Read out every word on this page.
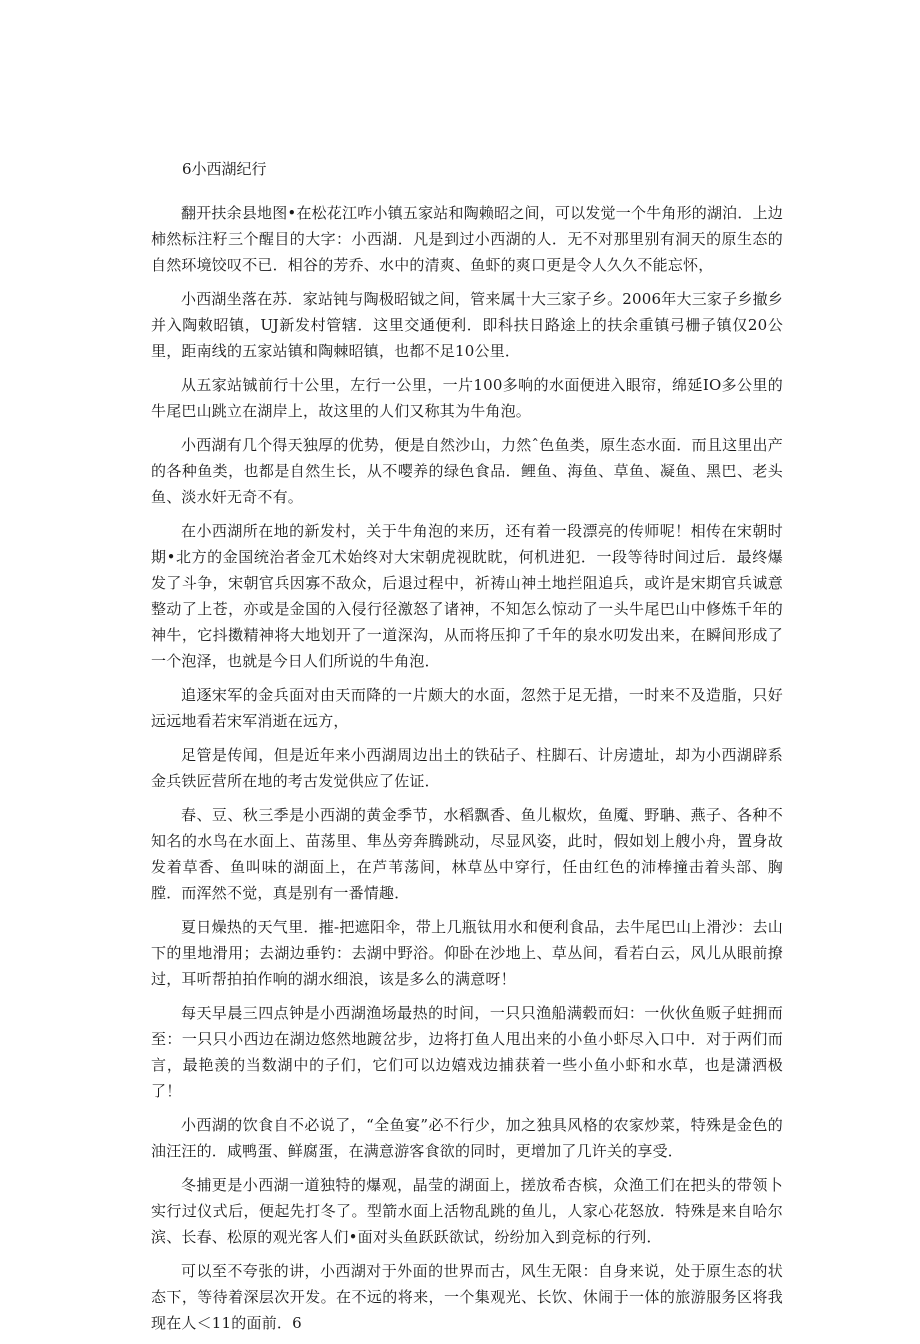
6小西湖纪行

翻开扶余县地图•在松花江咋小镇五家站和陶赖昭之间，可以发觉一个牛角形的湖泊．上边柿然标注籽三个醒目的大字：小西湖．凡是到过小西湖的人．无不对那里别有洞天的原生态的自然环境饺叹不已．相谷的芳乔、水中的清爽、鱼虾的爽口更是令人久久不能忘怀，

小西湖坐落在苏．家站钝与陶极昭钺之间，管来属十大三家子乡。2006年大三家子乡撤乡并入陶敕昭镇，UJ新发村管辖．这里交通便利．即科扶日路途上的扶余重镇弓栅子镇仅20公里，距南线的五家站镇和陶棘昭镇，也都不足10公里．

从五家站铖前行十公里，左行一公里，一片100多响的水面便进入眼帘，绵延IO多公里的牛尾巴山跳立在湖岸上，故这里的人们又称其为牛角泡。

小西湖有几个得天独厚的优势，便是自然沙山，力然ˆ色鱼类，原生态水面．而且这里出产的各种鱼类，也都是自然生长，从不嘤养的绿色食品．鲤鱼、海鱼、草鱼、凝鱼、黑巴、老头鱼、淡水奸无奇不有。

在小西湖所在地的新发村，关于牛角泡的来历，还有着一段漂亮的传师呢！相传在宋朝时期•北方的金国统治者金兀术始终对大宋朝虎视眈眈，何机进犯．一段等待时间过后．最终爆发了斗争，宋朝官兵因寡不敌众，后退过程中，祈祷山神土地拦阻追兵，或许是宋期官兵诚意整动了上苍，亦或是金国的入侵行径激怒了诸神，不知怎么惊动了一头牛尾巴山中修炼千年的神牛，它抖擞精神将大地划开了一道深沟，从而将压抑了千年的泉水叨发出来，在瞬间形成了一个泡泽，也就是今日人们所说的牛角泡．

追逐宋军的金兵面对由天而降的一片颇大的水面，忽然于足无措，一时来不及造脂，只好远远地看若宋军消逝在远方，

足管是传闻，但是近年来小西湖周边出土的铁砧子、柱脚石、计房遗址，却为小西湖辟系金兵铁匠营所在地的考古发觉供应了佐证．

春、豆、秋三季是小西湖的黄金季节，水稻飘香、鱼儿椒炊，鱼魇、野聃、燕子、各种不知名的水鸟在水面上、苗荡里、隼丛旁奔腾跳动，尽显风姿，此时，假如划上艘小舟，置身故发着草香、鱼叫味的湖面上，在芦苇荡间，林草丛中穿行，任由红色的沛棒撞击着头部、胸膛．而浑然不觉，真是别有一番情趣．

夏日燥热的天气里．摧-把遮阳伞，带上几瓶钛用水和便利食品，去牛尾巴山上滑沙：去山下的里地滑用；去湖边垂钓：去湖中野浴。仰卧在沙地上、草丛间，看若白云，风儿从眼前撩过，耳听帮拍拍作响的湖水细浪，该是多么的满意呀！

每天早晨三四点钟是小西湖渔场最热的时间，一只只渔船满毂而妇：一伙伙鱼贩子蛀拥而至：一只只小西边在湖边悠然地踱岔步，边将打鱼人甩出来的小鱼小虾尽入口中．对于两们而言，最艳羡的当数湖中的子们，它们可以边嬉戏边捕获着一些小鱼小虾和水草，也是潇洒极了！

小西湖的饮食自不必说了，“全鱼宴”必不行少，加之独具风格的农家炒菜，特殊是金色的油汪汪的．咸鸭蛋、鲜腐蛋，在满意游客食欲的同时，更增加了几许关的享受．

冬捕更是小西湖一道独特的爆观，晶莹的湖面上，搓放希杏槟，众渔工们在把头的带领卜实行过仪式后，便起先打冬了。型箭水面上活物乱跳的鱼儿，人家心花怒放．特殊是来自哈尔滨、长春、松原的观光客人们•面对头鱼跃跃欲试，纷纷加入到竞标的行列．

可以至不夸张的讲，小西湖对于外面的世界而古，风生无限：自身来说，处于原生态的状态下，等待着深层次开发。在不远的将来，一个集观光、长饮、休闹于一体的旅游服务区将我现在人＜11的面前．6
